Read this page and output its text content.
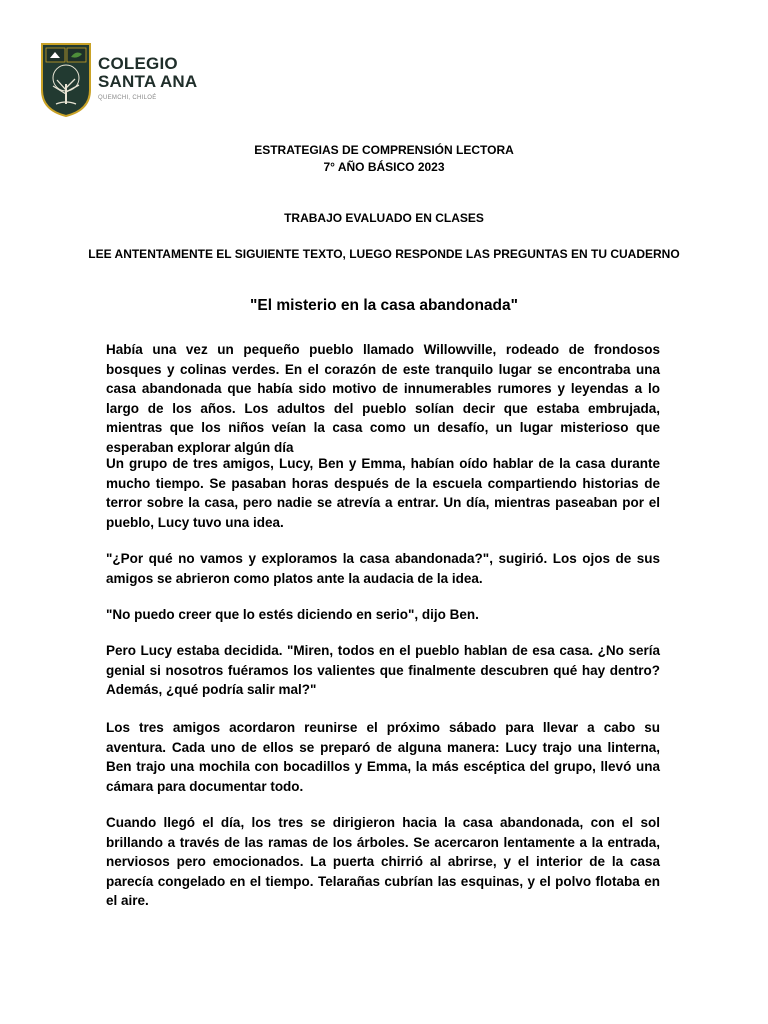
COLEGIO
SANTA ANA
QUEMCHI, CHILOÉ
ESTRATEGIAS DE COMPRENSIÓN LECTORA
7° AÑO BÁSICO 2023
TRABAJO EVALUADO EN CLASES
LEE ANTENTAMENTE EL SIGUIENTE TEXTO, LUEGO RESPONDE LAS PREGUNTAS EN TU CUADERNO
"El misterio en la casa abandonada"
Había una vez un pequeño pueblo llamado Willowville, rodeado de frondosos bosques y colinas verdes. En el corazón de este tranquilo lugar se encontraba una casa abandonada que había sido motivo de innumerables rumores y leyendas a lo largo de los años. Los adultos del pueblo solían decir que estaba embrujada, mientras que los niños veían la casa como un desafío, un lugar misterioso que esperaban explorar algún día
Un grupo de tres amigos, Lucy, Ben y Emma, habían oído hablar de la casa durante mucho tiempo. Se pasaban horas después de la escuela compartiendo historias de terror sobre la casa, pero nadie se atrevía a entrar. Un día, mientras paseaban por el pueblo, Lucy tuvo una idea.
"¿Por qué no vamos y exploramos la casa abandonada?", sugirió. Los ojos de sus amigos se abrieron como platos ante la audacia de la idea.
"No puedo creer que lo estés diciendo en serio", dijo Ben.
Pero Lucy estaba decidida. "Miren, todos en el pueblo hablan de esa casa. ¿No sería genial si nosotros fuéramos los valientes que finalmente descubren qué hay dentro? Además, ¿qué podría salir mal?"
Los tres amigos acordaron reunirse el próximo sábado para llevar a cabo su aventura. Cada uno de ellos se preparó de alguna manera: Lucy trajo una linterna, Ben trajo una mochila con bocadillos y Emma, la más escéptica del grupo, llevó una cámara para documentar todo.
Cuando llegó el día, los tres se dirigieron hacia la casa abandonada, con el sol brillando a través de las ramas de los árboles. Se acercaron lentamente a la entrada, nerviosos pero emocionados. La puerta chirrió al abrirse, y el interior de la casa parecía congelado en el tiempo. Telarañas cubrían las esquinas, y el polvo flotaba en el aire.
